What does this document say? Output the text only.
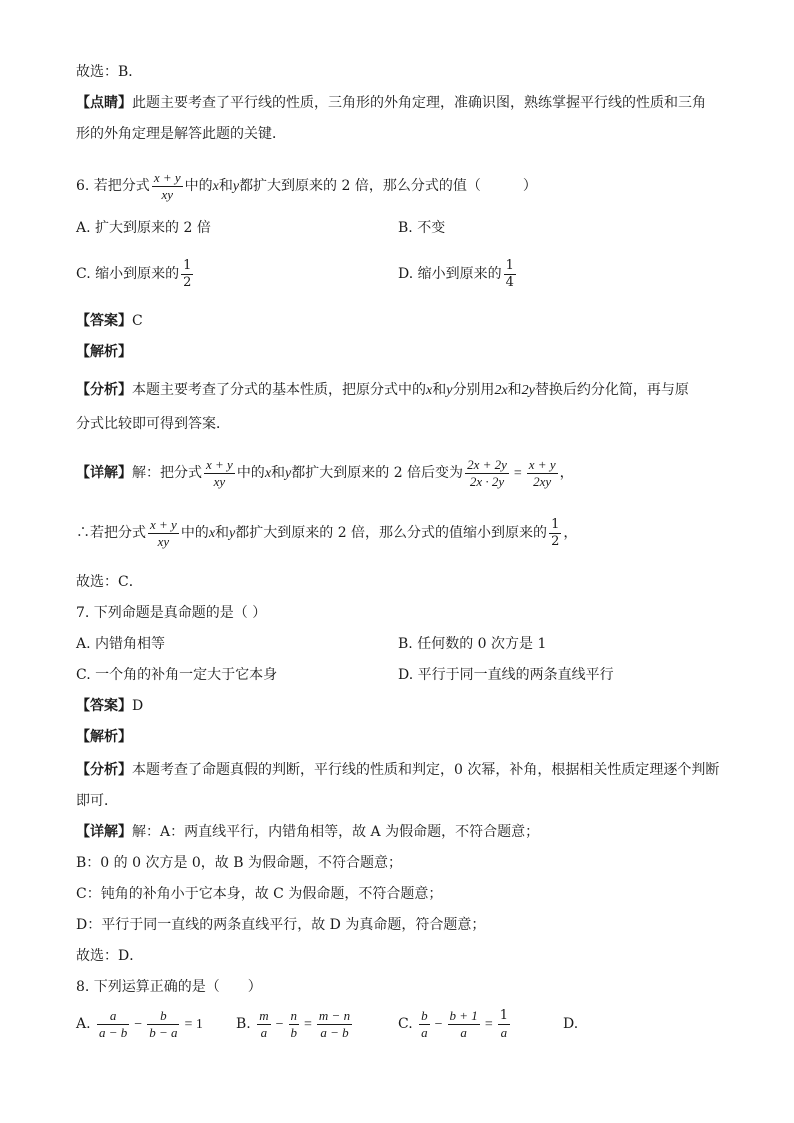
故选：B．
【点睛】此题主要考查了平行线的性质，三角形的外角定理，准确识图，熟练掌握平行线的性质和三角
形的外角定理是解答此题的关键．
6. 若把分式 $\frac{x + y}{xy}$ 中的x和y都扩大到原来的 2 倍，那么分式的值（　　　）
A. 扩大到原来的 2 倍	B. 不变
C. 缩小到原来的 $\frac{1}{2}$	D. 缩小到原来的 $\frac{1}{4}$
【答案】C
【解析】
【分析】本题主要考查了分式的基本性质，把原分式中的x和y分别用2x和2y替换后约分化简，再与原
分式比较即可得到答案．
【详解】解：把分式 $\frac{x + y}{xy}$ 中的x和y都扩大到原来的 2 倍后变为 $\frac{2x + 2y}{2x \cdot 2y} = \frac{x + y}{2xy}$ ，
∴若把分式 $\frac{x + y}{xy}$ 中的x和y都扩大到原来的 2 倍，那么分式的值缩小到原来的 $\frac{1}{2}$ ，
故选：C．
7. 下列命题是真命题的是（ ）
A. 内错角相等	B. 任何数的 0 次方是 1
C. 一个角的补角一定大于它本身	D. 平行于同一直线的两条直线平行
【答案】D
【解析】
【分析】本题考查了命题真假的判断，平行线的性质和判定，0 次幂，补角，根据相关性质定理逐个判断
即可．
【详解】解：A：两直线平行，内错角相等，故 A 为假命题，不符合题意；
B：0 的 0 次方是 0，故 B 为假命题，不符合题意；
C：钝角的补角小于它本身，故 C 为假命题，不符合题意；
D：平行于同一直线的两条直线平行，故 D 为真命题，符合题意；
故选：D．
8. 下列运算正确的是（　　）
A. $\frac{a}{a - b} - \frac{b}{b - a} = 1$ B. $\frac{m}{a} - \frac{n}{b} = \frac{m - n}{a - b}$	C. $\frac{b}{a} - \frac{b + 1}{a} = \frac{1}{a}$	D.
